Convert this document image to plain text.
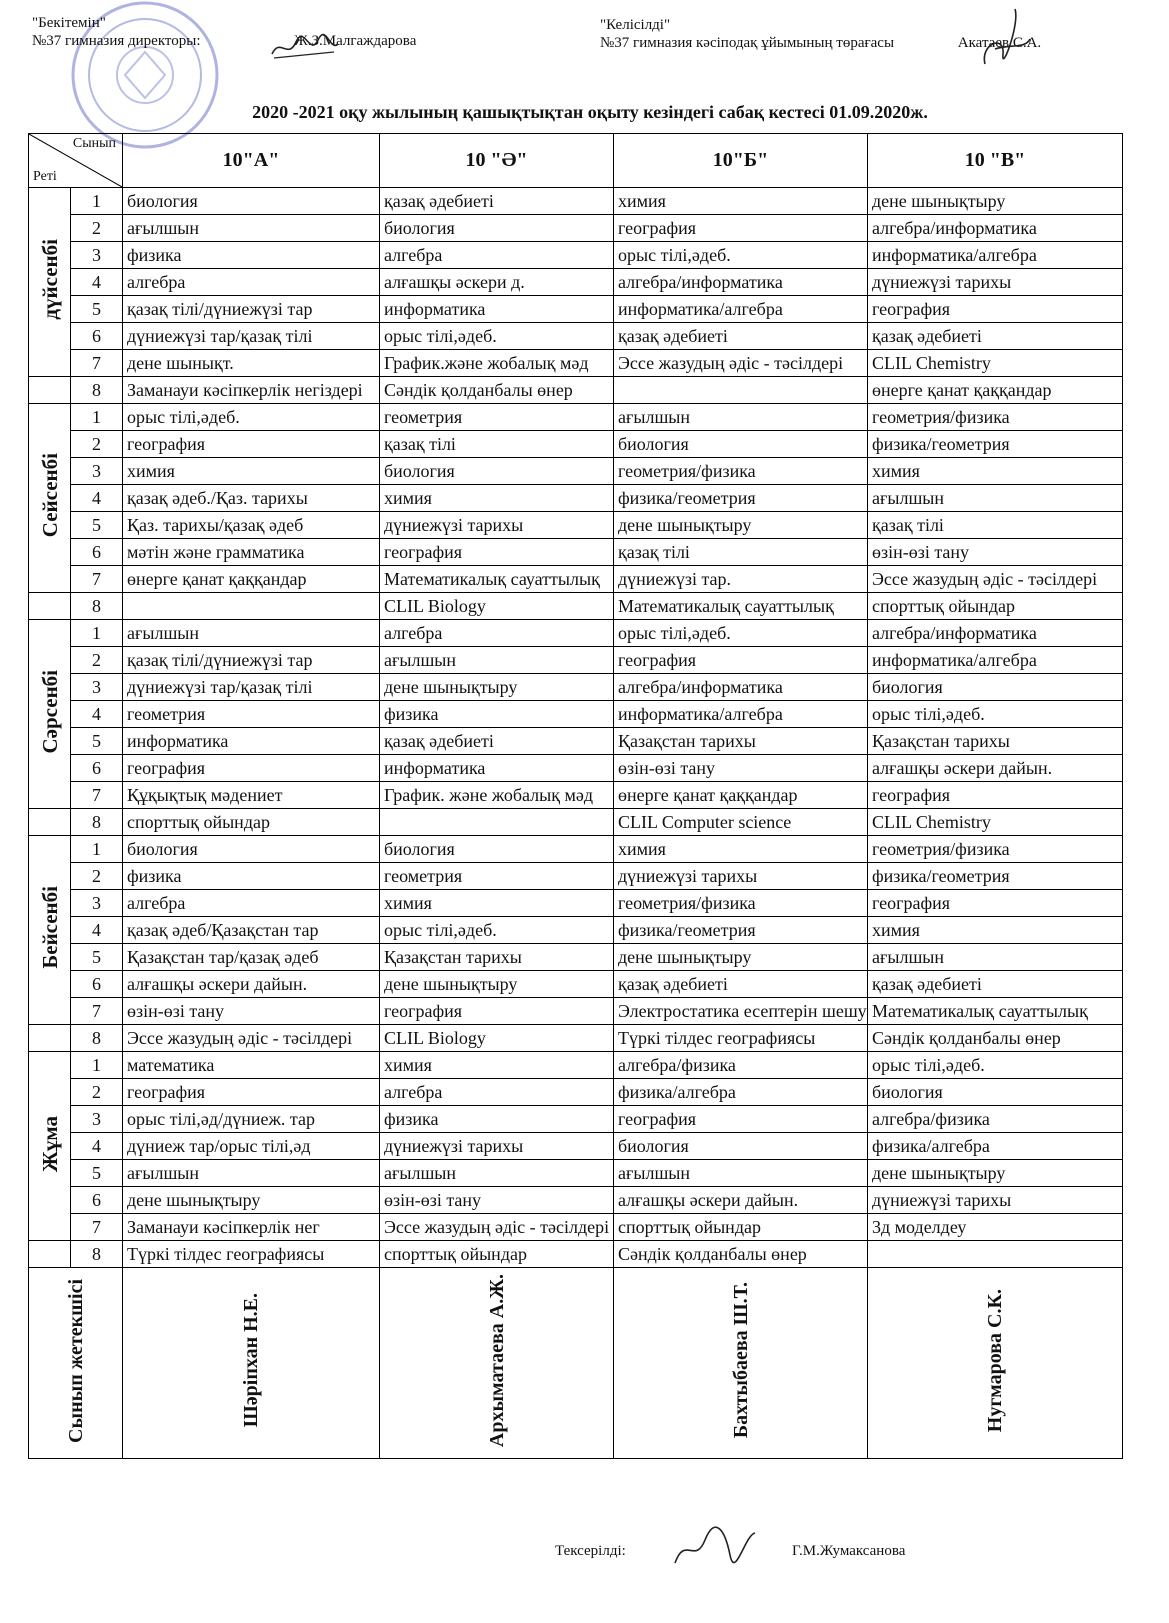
"Бекітемін"
№37 гимназия директоры:	Ж.З.Малгаждарова
"Келісілді"
№37 гимназия кәсіподақ ұйымының төрағасы	Акатаев С.А.
2020 -2021 оқу жылының қашықтықтан оқыту кезіндегі сабақ кестесі 01.09.2020ж.
Сынып
Реті		10"А"	10 "Ә"	10"Б"	10 "В"
дүйсенбі	1	биология	қазақ әдебиеті	химия	дене шынықтыру
	2	ағылшын	биология	география	алгебра/информатика
	3	физика	алгебра	орыс тілі,әдеб.	информатика/алгебра
	4	алгебра	алғашқы әскери д.	алгебра/информатика	дүниежүзі тарихы
	5	қазақ тілі/дүниежүзі тар	информатика	информатика/алгебра	география
	6	дүниежүзі тар/қазақ тілі	орыс тілі,әдеб.	қазақ әдебиеті	қазақ әдебиеті
	7	дене шынықт.	График.және жобалық мәд	Эссе жазудың әдіс - тәсілдері	CLIL Chemistry
	8	Заманауи кәсіпкерлік негіздері	Сәндік қолданбалы өнер		өнерге қанат қаққандар
Сейсенбі	1	орыс тілі,әдеб.	геометрия	ағылшын	геометрия/физика
	2	география	қазақ тілі	биология	физика/геометрия
	3	химия	биология	геометрия/физика	химия
	4	қазақ әдеб./Қаз. тарихы	химия	физика/геометрия	ағылшын
	5	Қаз. тарихы/қазақ әдеб	дүниежүзі тарихы	дене шынықтыру	қазақ тілі
	6	мәтін және грамматика	география	қазақ тілі	өзін-өзі тану
	7	өнерге қанат қаққандар	Математикалық сауаттылық	дүниежүзі тар.	Эссе жазудың әдіс - тәсілдері
	8		CLIL Biology	Математикалық сауаттылық	спорттық ойындар
Сәрсенбі	1	ағылшын	алгебра	орыс тілі,әдеб.	алгебра/информатика
	2	қазақ тілі/дүниежүзі тар	ағылшын	география	информатика/алгебра
	3	дүниежүзі тар/қазақ тілі	дене шынықтыру	алгебра/информатика	биология
	4	геометрия	физика	информатика/алгебра	орыс тілі,әдеб.
	5	информатика	қазақ әдебиеті	Қазақстан тарихы	Қазақстан тарихы
	6	география	информатика	өзін-өзі тану	алғашқы әскери дайын.
	7	Құқықтық мәдениет	График. және жобалық мәд	өнерге қанат қаққандар	география
	8	спорттық ойындар		CLIL Computer science	CLIL Chemistry
Бейсенбі	1	биология	биология	химия	геометрия/физика
	2	физика	геометрия	дүниежүзі тарихы	физика/геометрия
	3	алгебра	химия	геометрия/физика	география
	4	қазақ әдеб/Қазақстан тар	орыс тілі,әдеб.	физика/геометрия	химия
	5	Қазақстан тар/қазақ әдеб	Қазақстан тарихы	дене шынықтыру	ағылшын
	6	алғашқы әскери дайын.	дене шынықтыру	қазақ әдебиеті	қазақ әдебиеті
	7	өзін-өзі тану	география	Электростатика есептерін шешу	Математикалық сауаттылық
	8	Эссе жазудың әдіс - тәсілдері	CLIL Biology	Түркі тілдес географиясы	Сәндік қолданбалы өнер
Жұма	1	математика	химия	алгебра/физика	орыс тілі,әдеб.
	2	география	алгебра	физика/алгебра	биология
	3	орыс тілі,әд/дүниеж. тар	физика	география	алгебра/физика
	4	дүниеж тар/орыс тілі,әд	дүниежүзі тарихы	биология	физика/алгебра
	5	ағылшын	ағылшын	ағылшын	дене шынықтыру
	6	дене шынықтыру	өзін-өзі тану	алғашқы әскери дайын.	дүниежүзі тарихы
	7	Заманауи кәсіпкерлік нег	Эссе жазудың әдіс - тәсілдері	спорттық ойындар	3д моделдеу
	8	Түркі тілдес географиясы	спорттық ойындар	Сәндік қолданбалы өнер	
Сынып жетекшісі		Шәріпхан Н.Е.	Архыматаева А.Ж.	Бахтыбаева Ш.Т.	Нугмарова С.К.
Тексерілді:	Г.М.Жумаксанова
